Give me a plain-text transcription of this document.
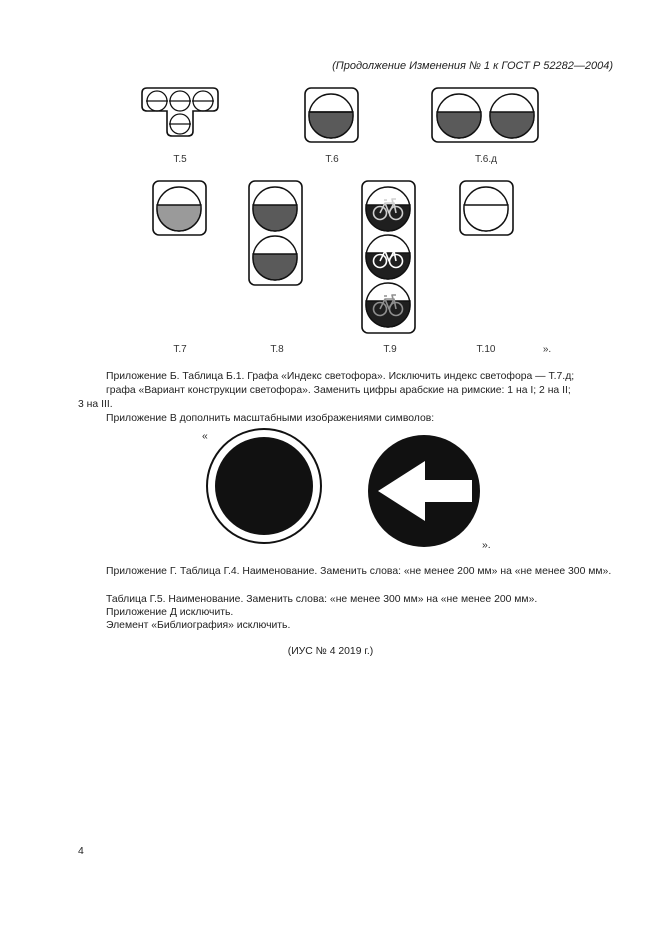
(Продолжение Изменения № 1 к ГОСТ Р 52282—2004)
Т.5	Т.6	Т.6.д
Т.7	Т.8	Т.9	Т.10	».
Приложение Б. Таблица Б.1. Графа «Индекс светофора». Исключить индекс светофора — Т.7.д;
графа «Вариант конструкции светофора». Заменить цифры арабские на римские: 1 на I; 2 на II;
3 на III.
Приложение В дополнить масштабными изображениями символов:
«
».
Приложение Г. Таблица Г.4. Наименование. Заменить слова: «не менее 200 мм» на «не менее 300 мм».
Таблица Г.5. Наименование. Заменить слова: «не менее 300 мм» на «не менее 200 мм».
Приложение Д исключить.
Элемент «Библиография» исключить.
(ИУС № 4 2019 г.)
4
